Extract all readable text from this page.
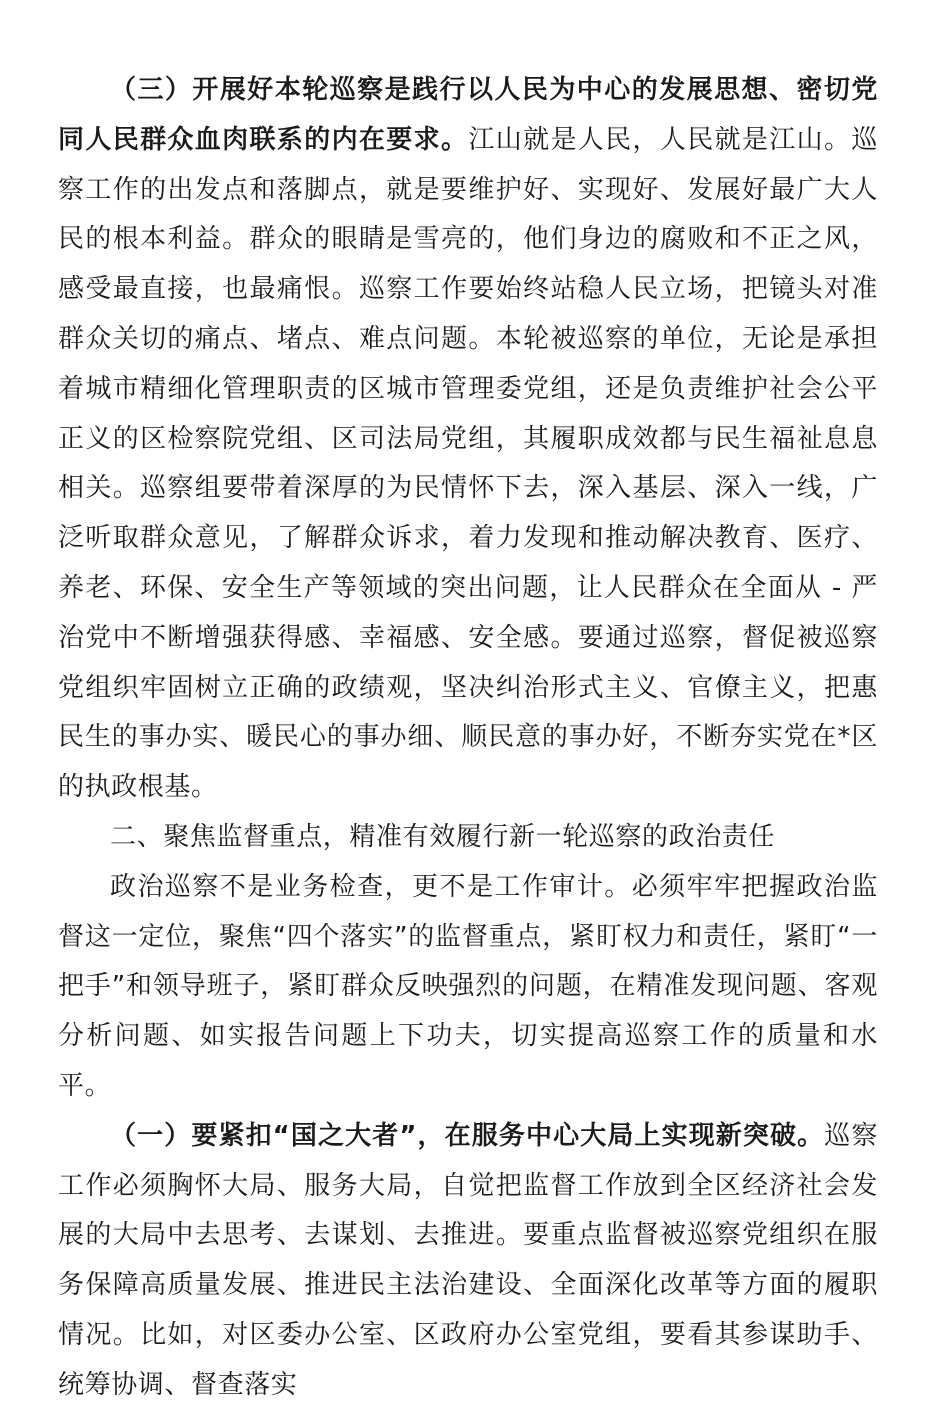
（三）开展好本轮巡察是践行以人民为中心的发展思想、密切党同人民群众血肉联系的内在要求。江山就是人民，人民就是江山。巡察工作的出发点和落脚点，就是要维护好、实现好、发展好最广大人民的根本利益。群众的眼睛是雪亮的，他们身边的腐败和不正之风，感受最直接，也最痛恨。巡察工作要始终站稳人民立场，把镜头对准群众关切的痛点、堵点、难点问题。本轮被巡察的单位，无论是承担着城市精细化管理职责的区城市管理委党组，还是负责维护社会公平正义的区检察院党组、区司法局党组，其履职成效都与民生福祉息息相关。巡察组要带着深厚的为民情怀下去，深入基层、深入一线，广泛听取群众意见，了解群众诉求，着力发现和推动解决教育、医疗、养老、环保、安全生产等领域的突出问题，让人民群众在全面从 - 严治党中不断增强获得感、幸福感、安全感。要通过巡察，督促被巡察党组织牢固树立正确的政绩观，坚决纠治形式主义、官僚主义，把惠民生的事办实、暖民心的事办细、顺民意的事办好，不断夯实党在*区的执政根基。

二、聚焦监督重点，精准有效履行新一轮巡察的政治责任

政治巡察不是业务检查，更不是工作审计。必须牢牢把握政治监督这一定位，聚焦“四个落实”的监督重点，紧盯权力和责任，紧盯“一把手”和领导班子，紧盯群众反映强烈的问题，在精准发现问题、客观分析问题、如实报告问题上下功夫，切实提高巡察工作的质量和水平。

（一）要紧扣“国之大者”，在服务中心大局上实现新突破。巡察工作必须胸怀大局、服务大局，自觉把监督工作放到全区经济社会发展的大局中去思考、去谋划、去推进。要重点监督被巡察党组织在服务保障高质量发展、推进民主法治建设、全面深化改革等方面的履职情况。比如，对区委办公室、区政府办公室党组，要看其参谋助手、统筹协调、督查落实
